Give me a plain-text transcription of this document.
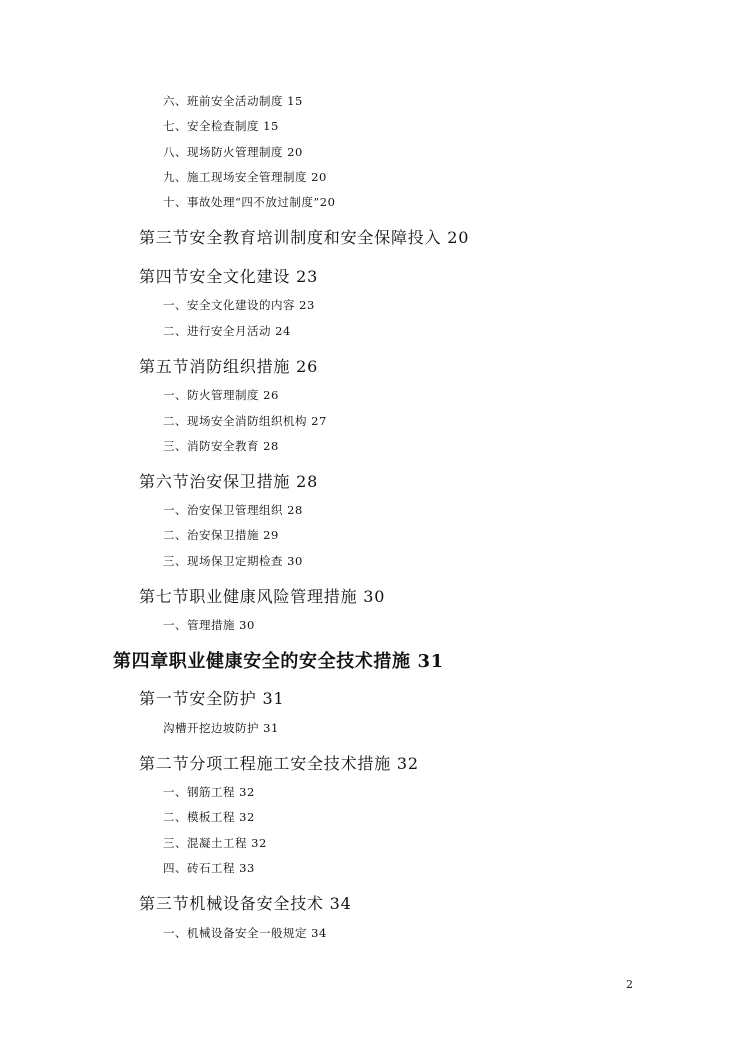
六、班前安全活动制度 15
七、安全检查制度 15
八、现场防火管理制度 20
九、施工现场安全管理制度 20
十、事故处理“四不放过制度”20
第三节安全教育培训制度和安全保障投入 20
第四节安全文化建设 23
一、安全文化建设的内容 23
二、进行安全月活动 24
第五节消防组织措施 26
一、防火管理制度 26
二、现场安全消防组织机构 27
三、消防安全教育 28
第六节治安保卫措施 28
一、治安保卫管理组织 28
二、治安保卫措施 29
三、现场保卫定期检查 30
第七节职业健康风险管理措施 30
一、管理措施 30
第四章职业健康安全的安全技术措施 31
第一节安全防护 31
沟槽开挖边坡防护 31
第二节分项工程施工安全技术措施 32
一、钢筋工程 32
二、模板工程 32
三、混凝土工程 32
四、砖石工程 33
第三节机械设备安全技术 34
一、机械设备安全一般规定 34
2
